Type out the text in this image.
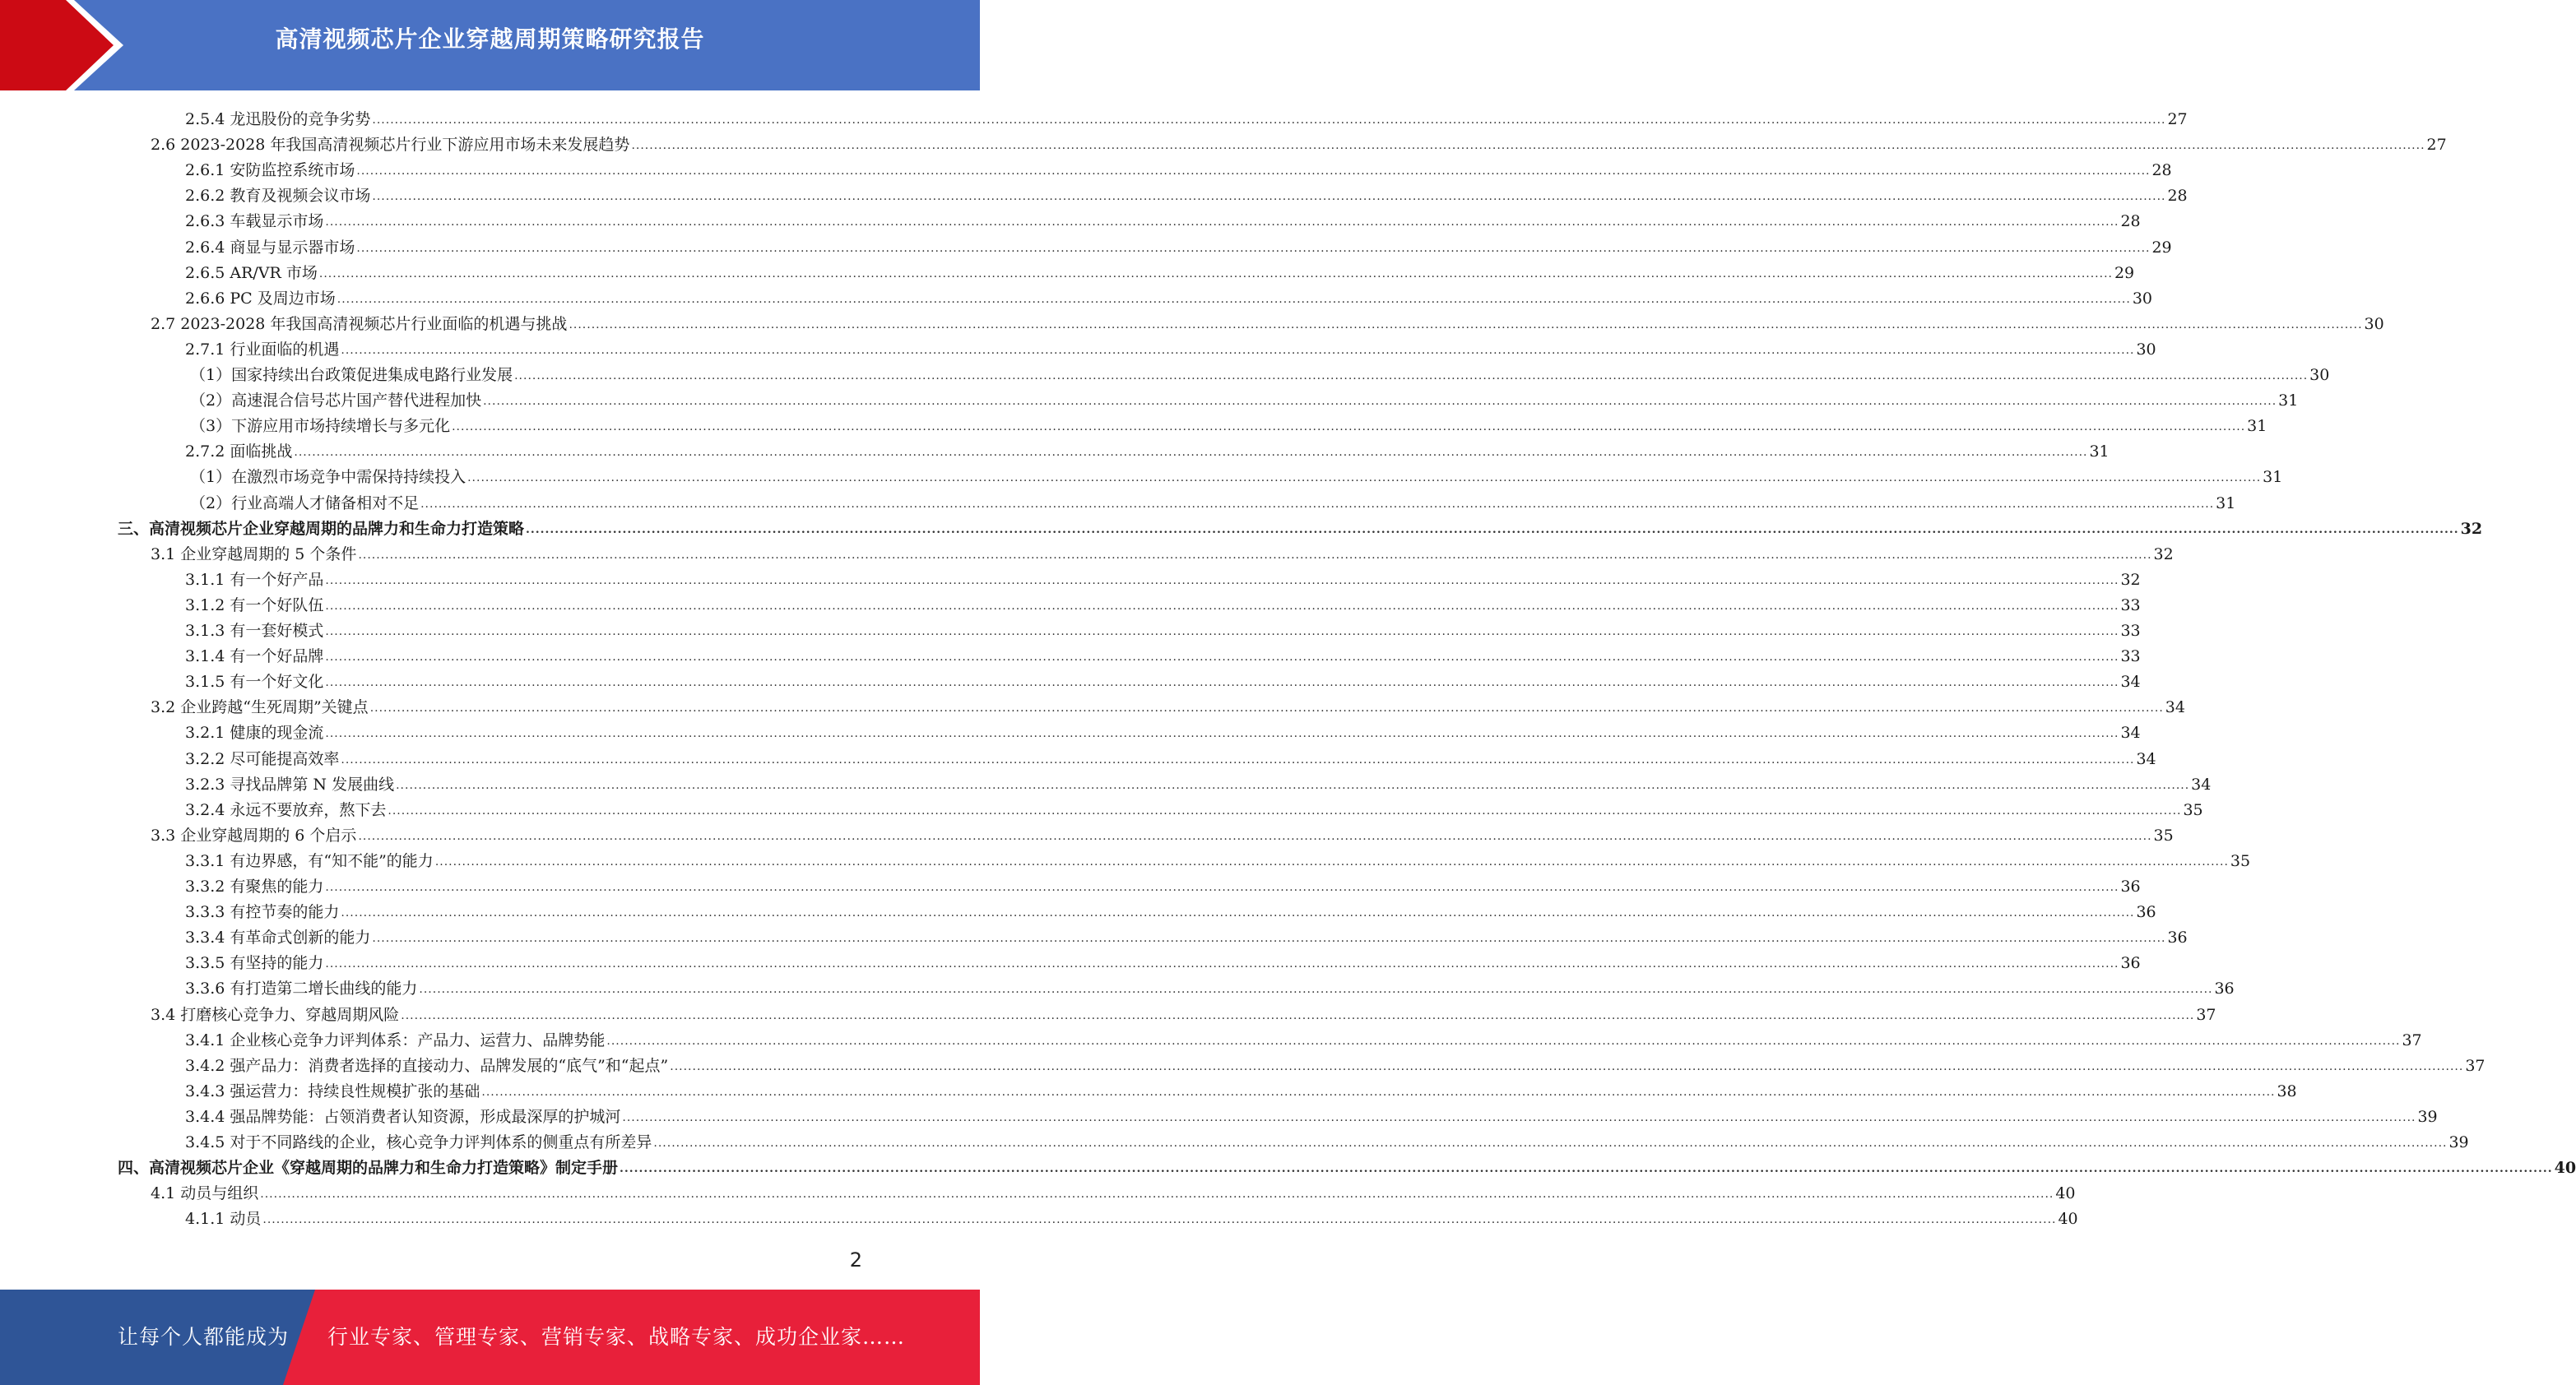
高清视频芯片企业穿越周期策略研究报告
2.5.4 龙迅股份的竞争劣势 ................................................................................................................................................................................................................................................................................................................................................................................................................ 27
2.6 2023-2028 年我国高清视频芯片行业下游应用市场未来发展趋势 ................................................................................................................................................................................................................................................................................................................................................................................................................ 27
2.6.1 安防监控系统市场 ................................................................................................................................................................................................................................................................................................................................................................................................................ 28
2.6.2 教育及视频会议市场 ................................................................................................................................................................................................................................................................................................................................................................................................................ 28
2.6.3 车载显示市场 ................................................................................................................................................................................................................................................................................................................................................................................................................ 28
2.6.4 商显与显示器市场 ................................................................................................................................................................................................................................................................................................................................................................................................................ 29
2.6.5 AR/VR 市场 ................................................................................................................................................................................................................................................................................................................................................................................................................ 29
2.6.6 PC 及周边市场 ................................................................................................................................................................................................................................................................................................................................................................................................................ 30
2.7 2023-2028 年我国高清视频芯片行业面临的机遇与挑战 ................................................................................................................................................................................................................................................................................................................................................................................................................ 30
2.7.1 行业面临的机遇 ................................................................................................................................................................................................................................................................................................................................................................................................................ 30
（1）国家持续出台政策促进集成电路行业发展 ................................................................................................................................................................................................................................................................................................................................................................................................................ 30
（2）高速混合信号芯片国产替代进程加快 ................................................................................................................................................................................................................................................................................................................................................................................................................ 31
（3）下游应用市场持续增长与多元化 ................................................................................................................................................................................................................................................................................................................................................................................................................ 31
2.7.2 面临挑战 ................................................................................................................................................................................................................................................................................................................................................................................................................ 31
（1）在激烈市场竞争中需保持持续投入 ................................................................................................................................................................................................................................................................................................................................................................................................................ 31
（2）行业高端人才储备相对不足 ................................................................................................................................................................................................................................................................................................................................................................................................................ 31
三、高清视频芯片企业穿越周期的品牌力和生命力打造策略 ................................................................................................................................................................................................................................................................................................................................................................................................................ 32
3.1 企业穿越周期的 5 个条件 ................................................................................................................................................................................................................................................................................................................................................................................................................ 32
3.1.1 有一个好产品 ................................................................................................................................................................................................................................................................................................................................................................................................................ 32
3.1.2 有一个好队伍 ................................................................................................................................................................................................................................................................................................................................................................................................................ 33
3.1.3 有一套好模式 ................................................................................................................................................................................................................................................................................................................................................................................................................ 33
3.1.4 有一个好品牌 ................................................................................................................................................................................................................................................................................................................................................................................................................ 33
3.1.5 有一个好文化 ................................................................................................................................................................................................................................................................................................................................................................................................................ 34
3.2 企业跨越“生死周期”关键点 ................................................................................................................................................................................................................................................................................................................................................................................................................ 34
3.2.1 健康的现金流 ................................................................................................................................................................................................................................................................................................................................................................................................................ 34
3.2.2 尽可能提高效率 ................................................................................................................................................................................................................................................................................................................................................................................................................ 34
3.2.3 寻找品牌第 N 发展曲线 ................................................................................................................................................................................................................................................................................................................................................................................................................ 34
3.2.4 永远不要放弃，熬下去 ................................................................................................................................................................................................................................................................................................................................................................................................................ 35
3.3 企业穿越周期的 6 个启示 ................................................................................................................................................................................................................................................................................................................................................................................................................ 35
3.3.1 有边界感，有“知不能”的能力 ................................................................................................................................................................................................................................................................................................................................................................................................................ 35
3.3.2 有聚焦的能力 ................................................................................................................................................................................................................................................................................................................................................................................................................ 36
3.3.3 有控节奏的能力 ................................................................................................................................................................................................................................................................................................................................................................................................................ 36
3.3.4 有革命式创新的能力 ................................................................................................................................................................................................................................................................................................................................................................................................................ 36
3.3.5 有坚持的能力 ................................................................................................................................................................................................................................................................................................................................................................................................................ 36
3.3.6 有打造第二增长曲线的能力 ................................................................................................................................................................................................................................................................................................................................................................................................................ 36
3.4 打磨核心竞争力、穿越周期风险 ................................................................................................................................................................................................................................................................................................................................................................................................................ 37
3.4.1 企业核心竞争力评判体系：产品力、运营力、品牌势能 ................................................................................................................................................................................................................................................................................................................................................................................................................ 37
3.4.2 强产品力：消费者选择的直接动力、品牌发展的“底气”和“起点” ................................................................................................................................................................................................................................................................................................................................................................................................................ 37
3.4.3 强运营力：持续良性规模扩张的基础 ................................................................................................................................................................................................................................................................................................................................................................................................................ 38
3.4.4 强品牌势能：占领消费者认知资源，形成最深厚的护城河 ................................................................................................................................................................................................................................................................................................................................................................................................................ 39
3.4.5 对于不同路线的企业，核心竞争力评判体系的侧重点有所差异 ................................................................................................................................................................................................................................................................................................................................................................................................................ 39
四、高清视频芯片企业《穿越周期的品牌力和生命力打造策略》制定手册 ................................................................................................................................................................................................................................................................................................................................................................................................................ 40
4.1 动员与组织 ................................................................................................................................................................................................................................................................................................................................................................................................................ 40
4.1.1 动员 ................................................................................................................................................................................................................................................................................................................................................................................................................ 40
2
让每个人都能成为 行业专家、管理专家、营销专家、战略专家、成功企业家……
